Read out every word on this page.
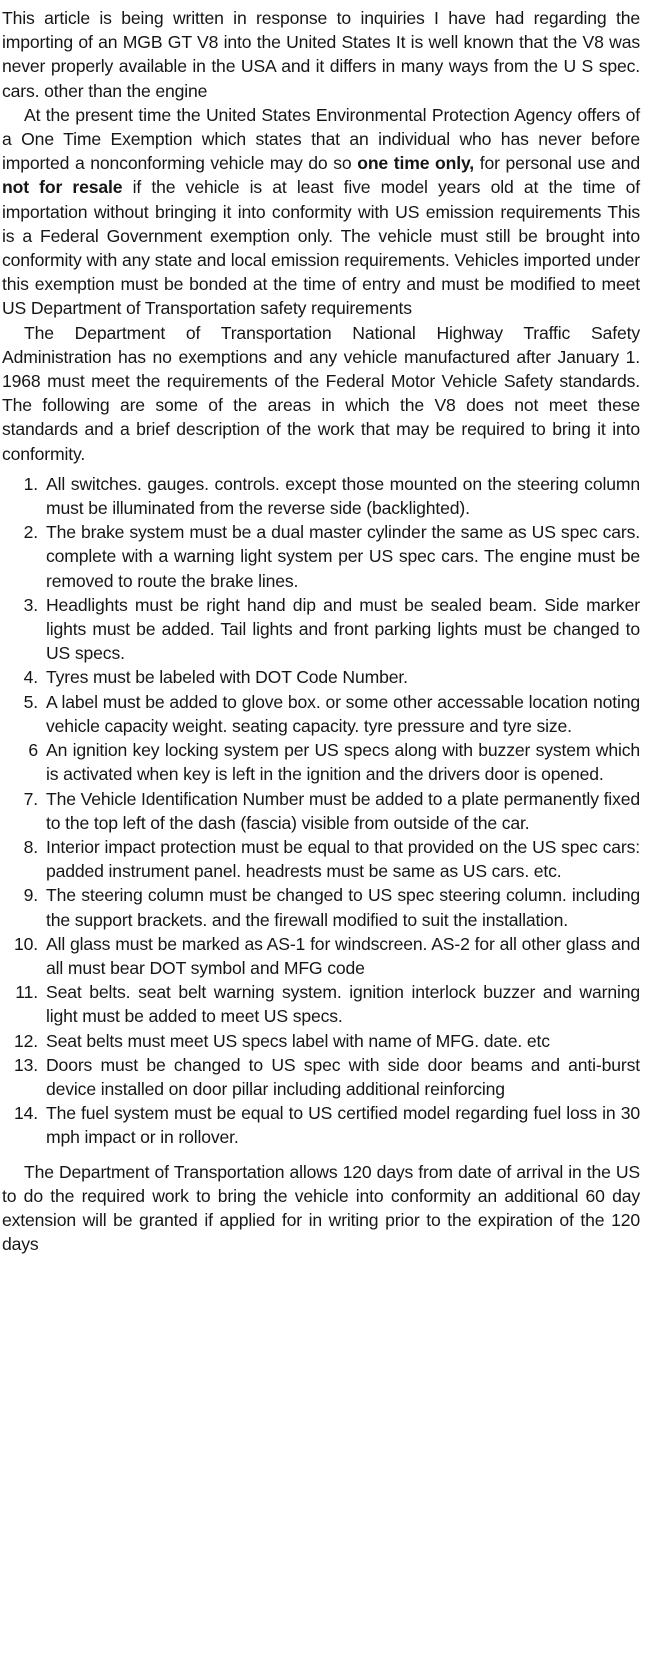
This article is being written in response to inquiries I have had regarding the importing of an MGB GT V8 into the United States It is well known that the V8 was never properly available in the USA and it differs in many ways from the U S spec. cars. other than the engine

At the present time the United States Environmental Protection Agency offers of a One Time Exemption which states that an individual who has never before imported a nonconforming vehicle may do so one time only, for personal use and not for resale if the vehicle is at least five model years old at the time of importation without bringing it into conformity with US emission requirements This is a Federal Government exemption only. The vehicle must still be brought into conformity with any state and local emission requirements. Vehicles imported under this exemption must be bonded at the time of entry and must be modified to meet US Department of Transportation safety requirements

The Department of Transportation National Highway Traffic Safety Administration has no exemptions and any vehicle manufactured after January 1. 1968 must meet the requirements of the Federal Motor Vehicle Safety standards. The following are some of the areas in which the V8 does not meet these standards and a brief description of the work that may be required to bring it into conformity.

1. All switches. gauges. controls. except those mounted on the steering column must be illuminated from the reverse side (backlighted).
2. The brake system must be a dual master cylinder the same as US spec cars. complete with a warning light system per US spec cars. The engine must be removed to route the brake lines.
3. Headlights must be right hand dip and must be sealed beam. Side marker lights must be added. Tail lights and front parking lights must be changed to US specs.
4. Tyres must be labeled with DOT Code Number.
5. A label must be added to glove box. or some other accessable location noting vehicle capacity weight. seating capacity. tyre pressure and tyre size.
6 An ignition key locking system per US specs along with buzzer system which is activated when key is left in the ignition and the drivers door is opened.
7. The Vehicle Identification Number must be added to a plate permanently fixed to the top left of the dash (fascia) visible from outside of the car.
8. Interior impact protection must be equal to that provided on the US spec cars: padded instrument panel. headrests must be same as US cars. etc.
9. The steering column must be changed to US spec steering column. including the support brackets. and the firewall modified to suit the installation.
10. All glass must be marked as AS-1 for windscreen. AS-2 for all other glass and all must bear DOT symbol and MFG code
11. Seat belts. seat belt warning system. ignition interlock buzzer and warning light must be added to meet US specs.
12. Seat belts must meet US specs label with name of MFG. date. etc
13. Doors must be changed to US spec with side door beams and anti-burst device installed on door pillar including additional reinforcing
14. The fuel system must be equal to US certified model regarding fuel loss in 30 mph impact or in rollover.

The Department of Transportation allows 120 days from date of arrival in the US to do the required work to bring the vehicle into conformity an additional 60 day extension will be granted if applied for in writing prior to the expiration of the 120 days
